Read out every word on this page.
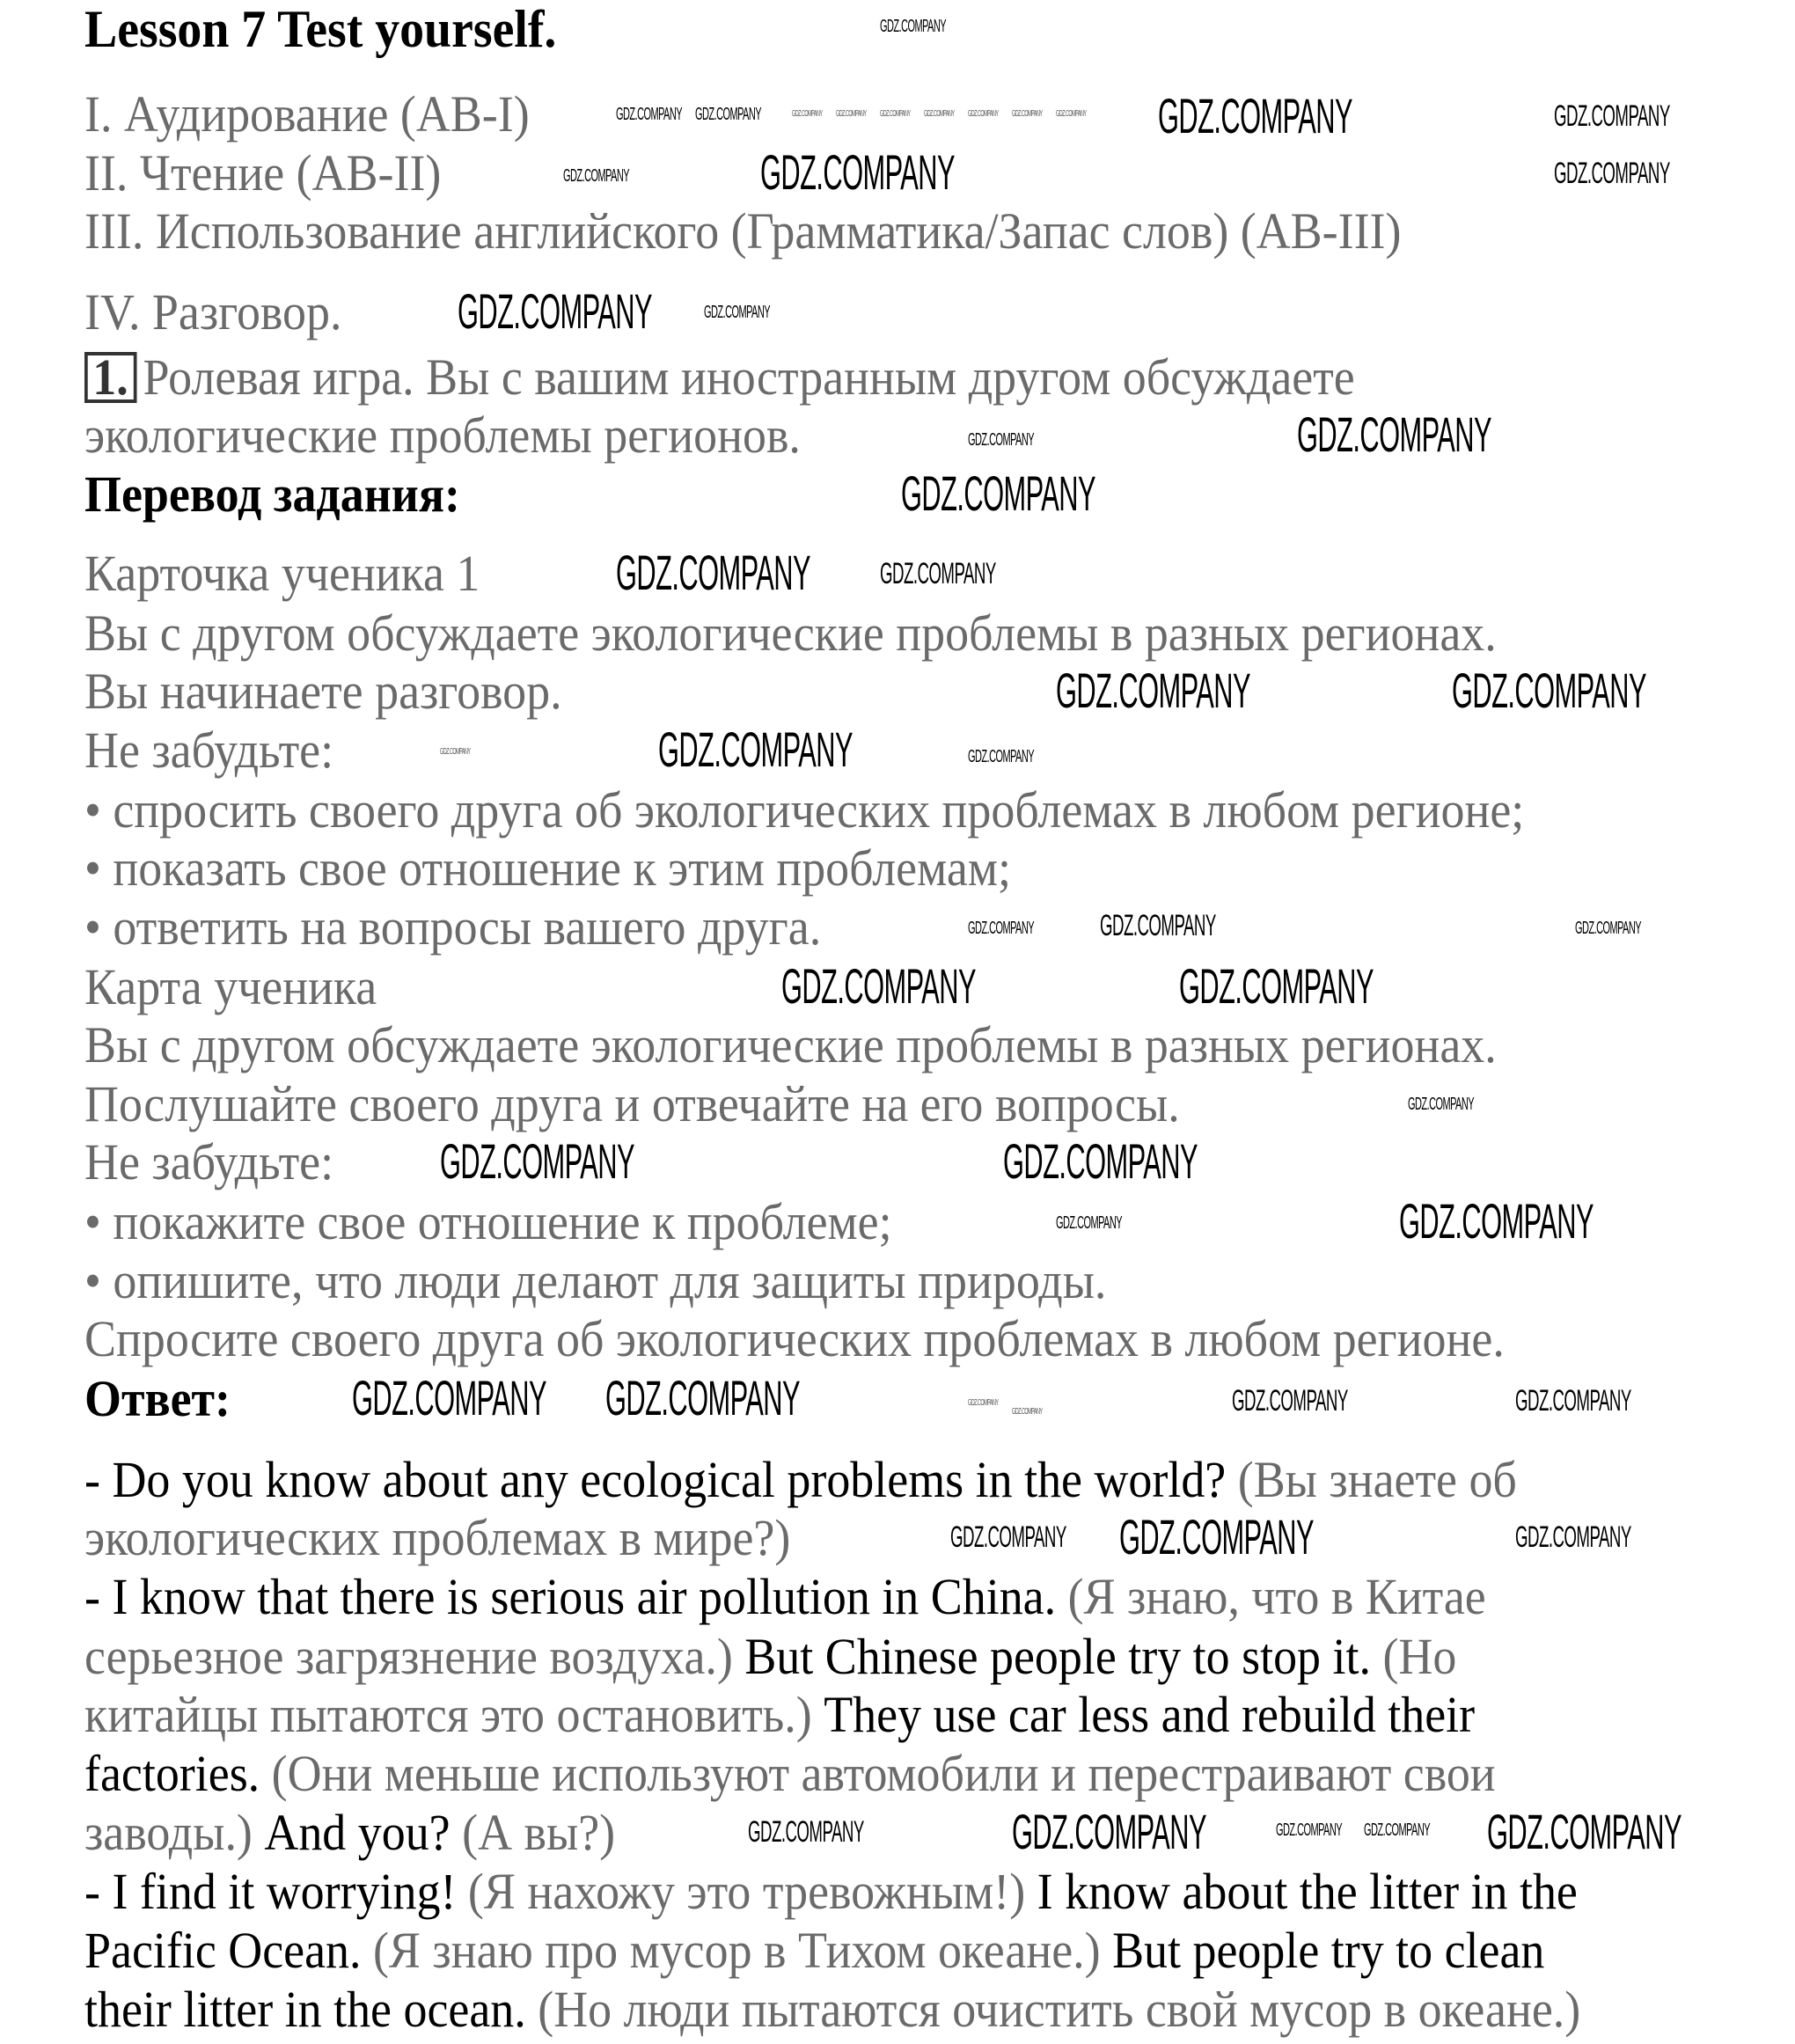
Lesson 7 Test yourself.
I. Аудирование (AB-I)
II. Чтение (AB-II)
III. Использование английского (Грамматика/Запас слов) (AB-III)
IV. Разговор.
1. Ролевая игра. Вы с вашим иностранным другом обсуждаете
экологические проблемы регионов.
Перевод задания:
Карточка ученика 1
Вы с другом обсуждаете экологические проблемы в разных регионах.
Вы начинаете разговор.
Не забудьте:
• спросить своего друга об экологических проблемах в любом регионе;
• показать свое отношение к этим проблемам;
• ответить на вопросы вашего друга.
Карта ученика
Вы с другом обсуждаете экологические проблемы в разных регионах.
Послушайте своего друга и отвечайте на его вопросы.
Не забудьте:
• покажите свое отношение к проблеме;
• опишите, что люди делают для защиты природы.
Спросите своего друга об экологических проблемах в любом регионе.
Ответ:
- Do you know about any ecological problems in the world? (Вы знаете об
экологических проблемах в мире?)
- I know that there is serious air pollution in China. (Я знаю, что в Китае
серьезное загрязнение воздуха.) But Chinese people try to stop it. (Но
китайцы пытаются это остановить.) They use car less and rebuild their
factories. (Они меньше используют автомобили и перестраивают свои
заводы.) And you? (А вы?)
- I find it worrying! (Я нахожу это тревожным!) I know about the litter in the
Pacific Ocean. (Я знаю про мусор в Тихом океане.) But people try to clean
their litter in the ocean. (Но люди пытаются очистить свой мусор в океане.)
GDZ.COMPANY GDZ.COMPANY	GDZ.COMPANY GDZ.COMPANY GDZ.COMPANY GDZ.COMPANY GDZ.COMPANY GDZ.COMPANY GDZ.COMPANY	GDZ.COMPANY
GDZ.COMPANY
GDZ.COMPANY
GDZ.COMPANY
GDZ.COMPANY
GDZ.COMPANY	GDZ.COMPANY
GDZ.COMPANY	GDZ.COMPANY
GDZ.COMPANY
GDZ.COMPANY GDZ.COMPANY
GDZ.COMPANY
GDZ.COMPANY
GDZ.COMPANY
GDZ.COMPANY	GDZ.COMPANY
GDZ.COMPANY GDZ.COMPANY	GDZ.COMPANY
GDZ.COMPANY
GDZ.COMPANY
GDZ.COMPANY
GDZ.COMPANY
GDZ.COMPANY	GDZ.COMPANY
GDZ.COMPANY
GDZ.COMPANY	GDZ.COMPANY
GDZ.COMPANY
GDZ.COMPANY	GDZ.COMPANY
GDZ.COMPANY
GDZ.COMPANY
GDZ.COMPANY
GDZ.COMPANY
GDZ.COMPANY	GDZ.COMPANY
GDZ.COMPANY	GDZ.COMPANY GDZ.COMPANY
GDZ.COMPANY
